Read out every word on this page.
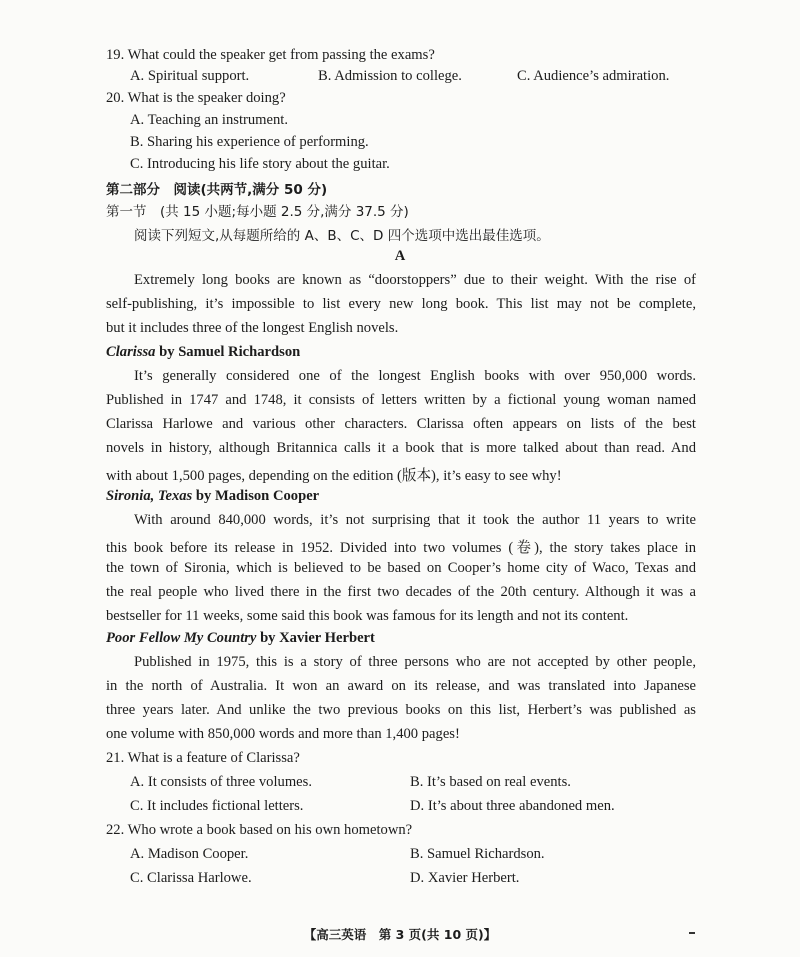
19. What could the speaker get from passing the exams?
A. Spiritual support.	B. Admission to college.	C. Audience’s admiration.
20. What is the speaker doing?
A. Teaching an instrument.
B. Sharing his experience of performing.
C. Introducing his life story about the guitar.
第二部分　阅读(共两节,满分 50 分)
第一节　(共 15 小题;每小题 2.5 分,满分 37.5 分)
阅读下列短文,从每题所给的 A、B、C、D 四个选项中选出最佳选项。
A
Extremely long books are known as “doorstoppers” due to their weight. With the rise of
self-publishing, it’s impossible to list every new long book. This list may not be complete,
but it includes three of the longest English novels.
Clarissa by Samuel Richardson
It’s generally considered one of the longest English books with over 950,000 words.
Published in 1747 and 1748, it consists of letters written by a fictional young woman named
Clarissa Harlowe and various other characters. Clarissa often appears on lists of the best
novels in history, although Britannica calls it a book that is more talked about than read. And
with about 1,500 pages, depending on the edition (版本), it’s easy to see why!
Sironia, Texas by Madison Cooper
With around 840,000 words, it’s not surprising that it took the author 11 years to write
this book before its release in 1952. Divided into two volumes (卷), the story takes place in
the town of Sironia, which is believed to be based on Cooper’s home city of Waco, Texas and
the real people who lived there in the first two decades of the 20th century. Although it was a
bestseller for 11 weeks, some said this book was famous for its length and not its content.
Poor Fellow My Country by Xavier Herbert
Published in 1975, this is a story of three persons who are not accepted by other people,
in the north of Australia. It won an award on its release, and was translated into Japanese
three years later. And unlike the two previous books on this list, Herbert’s was published as
one volume with 850,000 words and more than 1,400 pages!
21. What is a feature of Clarissa?
A. It consists of three volumes.	B. It’s based on real events.
C. It includes fictional letters.	D. It’s about three abandoned men.
22. Who wrote a book based on his own hometown?
A. Madison Cooper.	B. Samuel Richardson.
C. Clarissa Harlowe.	D. Xavier Herbert.
【高三英语　第 3 页(共 10 页)】
